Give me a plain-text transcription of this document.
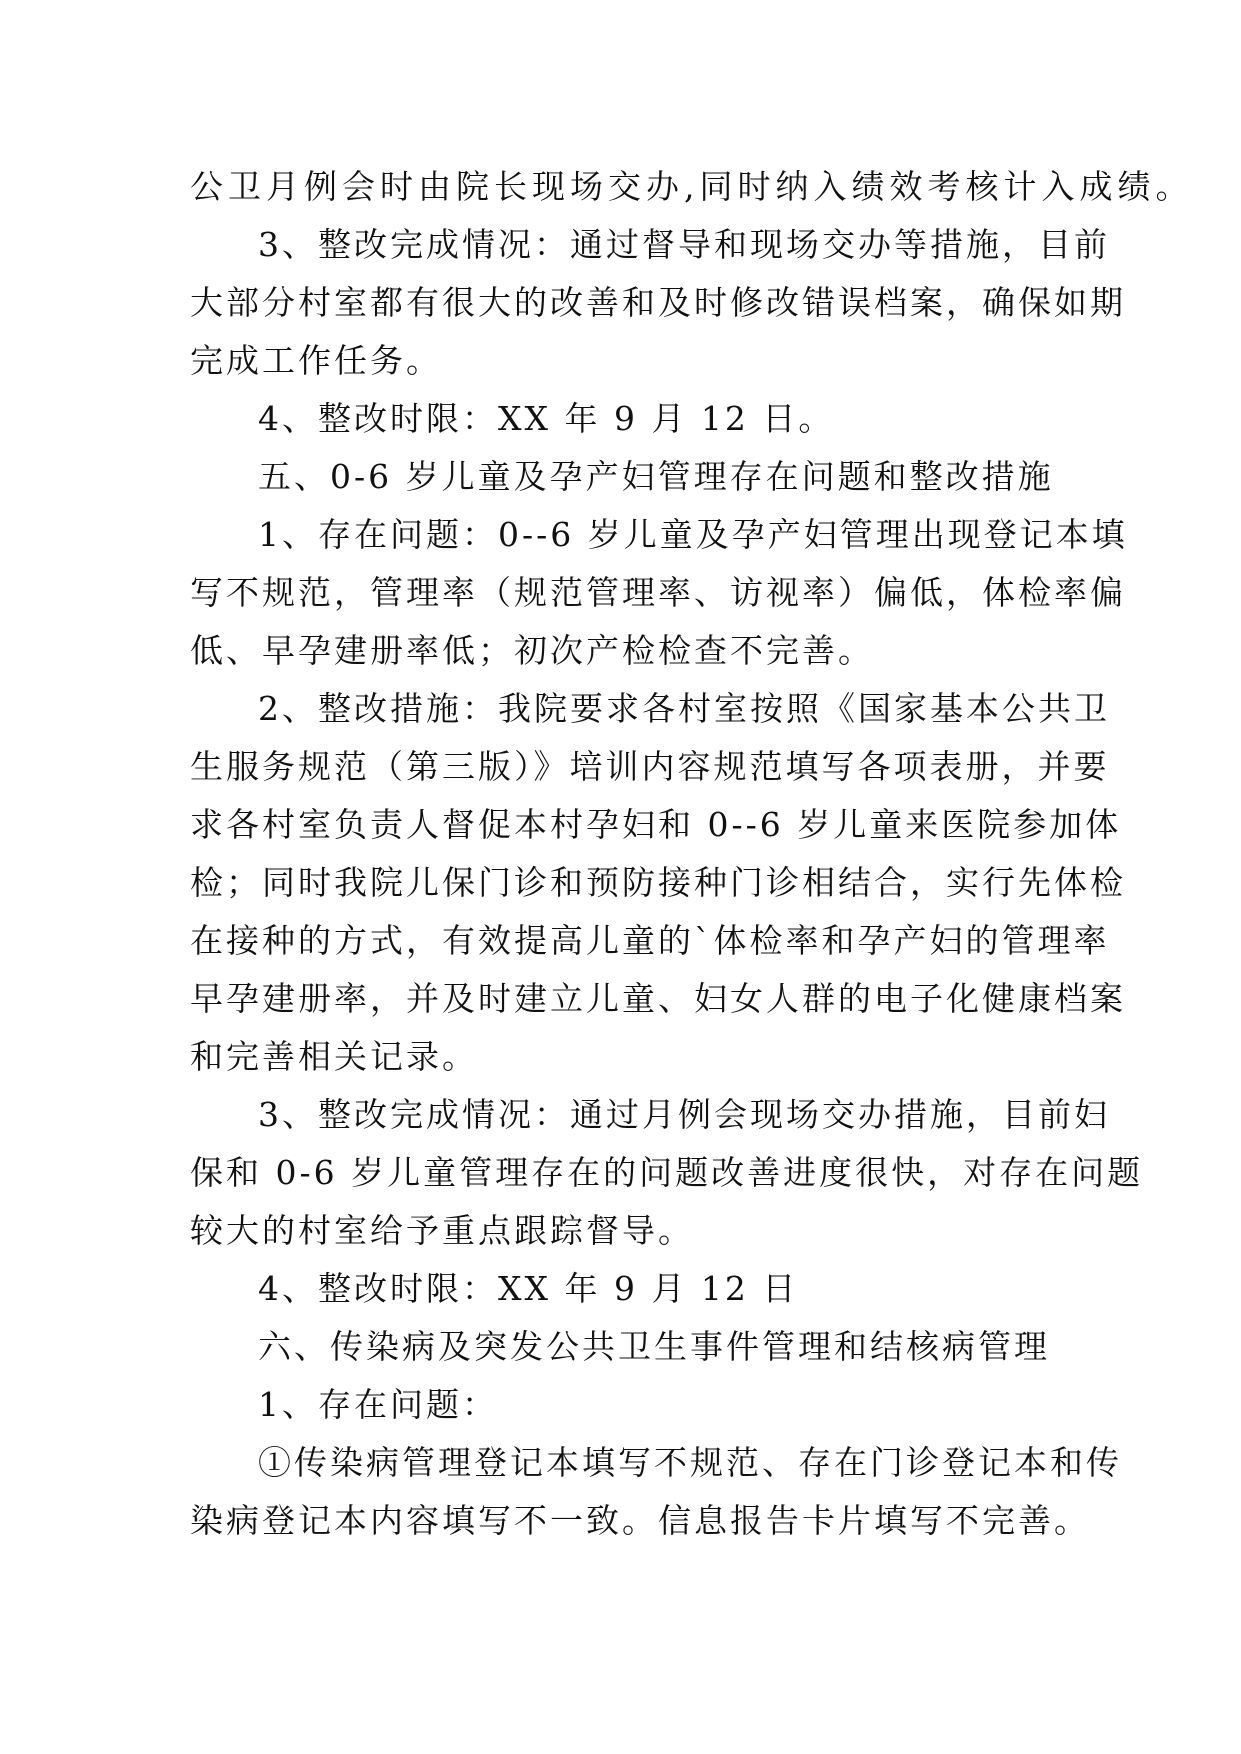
公卫月例会时由院长现场交办,同时纳入绩效考核计入成绩。
3、整改完成情况：通过督导和现场交办等措施，目前
大部分村室都有很大的改善和及时修改错误档案，确保如期
完成工作任务。
4、整改时限：XX 年 9 月 12 日。
五、0-6 岁儿童及孕产妇管理存在问题和整改措施
1、存在问题：0--6 岁儿童及孕产妇管理出现登记本填
写不规范，管理率（规范管理率、访视率）偏低，体检率偏
低、早孕建册率低；初次产检检查不完善。
2、整改措施：我院要求各村室按照《国家基本公共卫
生服务规范（第三版）》培训内容规范填写各项表册，并要
求各村室负责人督促本村孕妇和 0--6 岁儿童来医院参加体
检；同时我院儿保门诊和预防接种门诊相结合，实行先体检
在接种的方式，有效提高儿童的`体检率和孕产妇的管理率
早孕建册率，并及时建立儿童、妇女人群的电子化健康档案
和完善相关记录。
3、整改完成情况：通过月例会现场交办措施，目前妇
保和 0-6 岁儿童管理存在的问题改善进度很快，对存在问题
较大的村室给予重点跟踪督导。
4、整改时限：XX 年 9 月 12 日
六、传染病及突发公共卫生事件管理和结核病管理
1、存在问题：
①传染病管理登记本填写不规范、存在门诊登记本和传
染病登记本内容填写不一致。信息报告卡片填写不完善。
